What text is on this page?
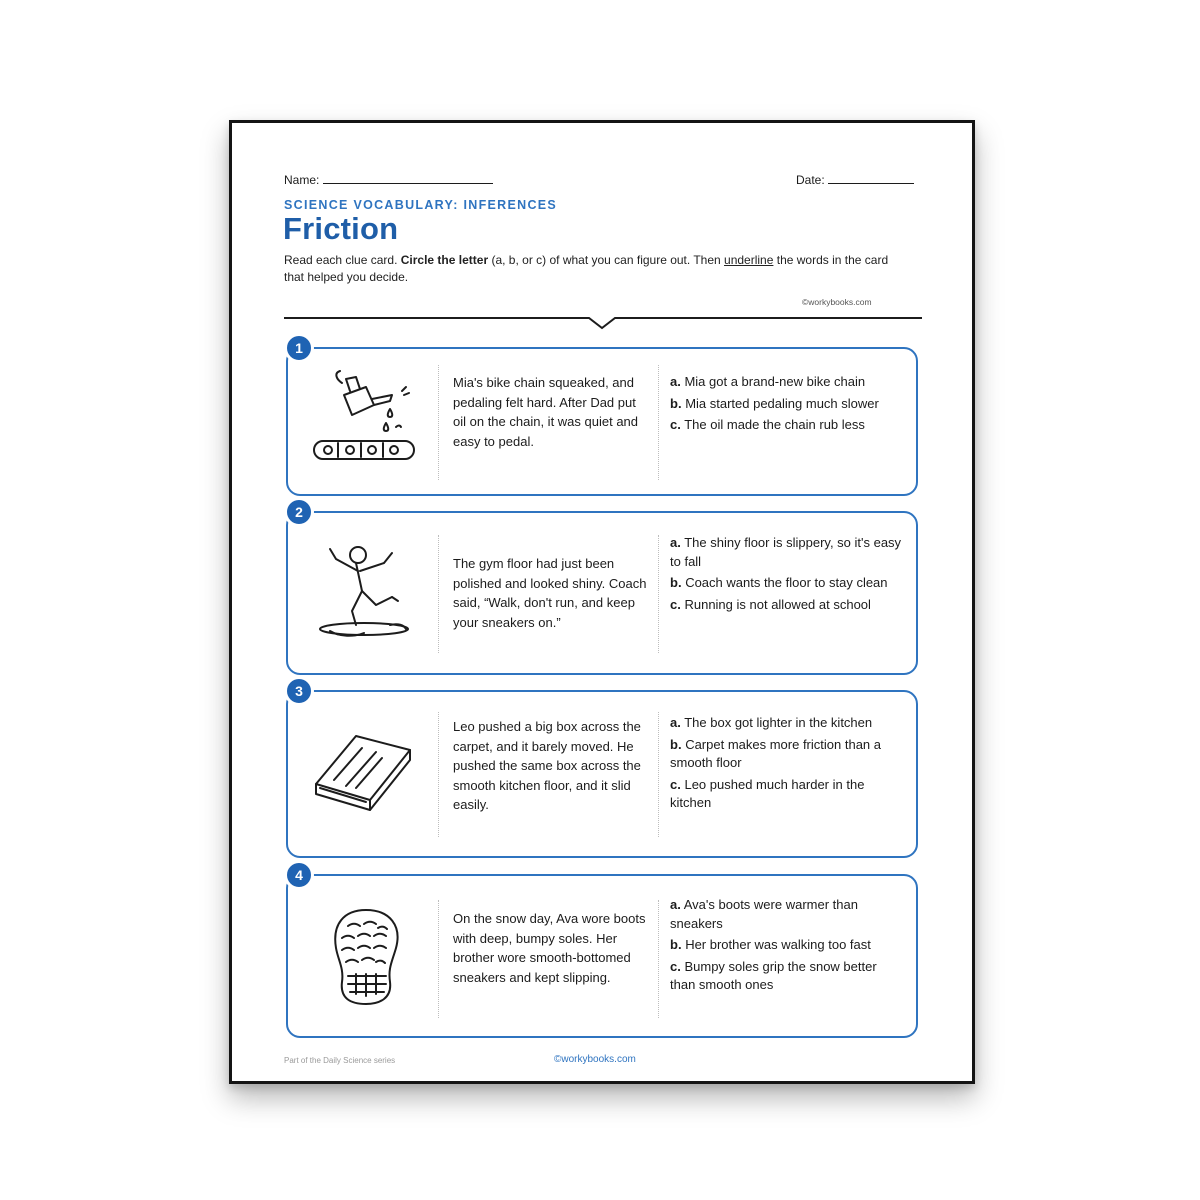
Name:	Date:
SCIENCE VOCABULARY: INFERENCES
Friction
Read each clue card. Circle the letter (a, b, or c) of what you can figure out. Then underline the words in the card that helped you decide.
©workybooks.com
1
Mia's bike chain squeaked, and pedaling felt hard. After Dad put oil on the chain, it was quiet and easy to pedal.
a. Mia got a brand-new bike chain
b. Mia started pedaling much slower
c. The oil made the chain rub less
2
The gym floor had just been polished and looked shiny. Coach said, “Walk, don't run, and keep your sneakers on.”
a. The shiny floor is slippery, so it's easy to fall
b. Coach wants the floor to stay clean
c. Running is not allowed at school
3
Leo pushed a big box across the carpet, and it barely moved. He pushed the same box across the smooth kitchen floor, and it slid easily.
a. The box got lighter in the kitchen
b. Carpet makes more friction than a smooth floor
c. Leo pushed much harder in the kitchen
4
On the snow day, Ava wore boots with deep, bumpy soles. Her brother wore smooth-bottomed sneakers and kept slipping.
a. Ava's boots were warmer than sneakers
b. Her brother was walking too fast
c. Bumpy soles grip the snow better than smooth ones
Part of the Daily Science series	©workybooks.com
